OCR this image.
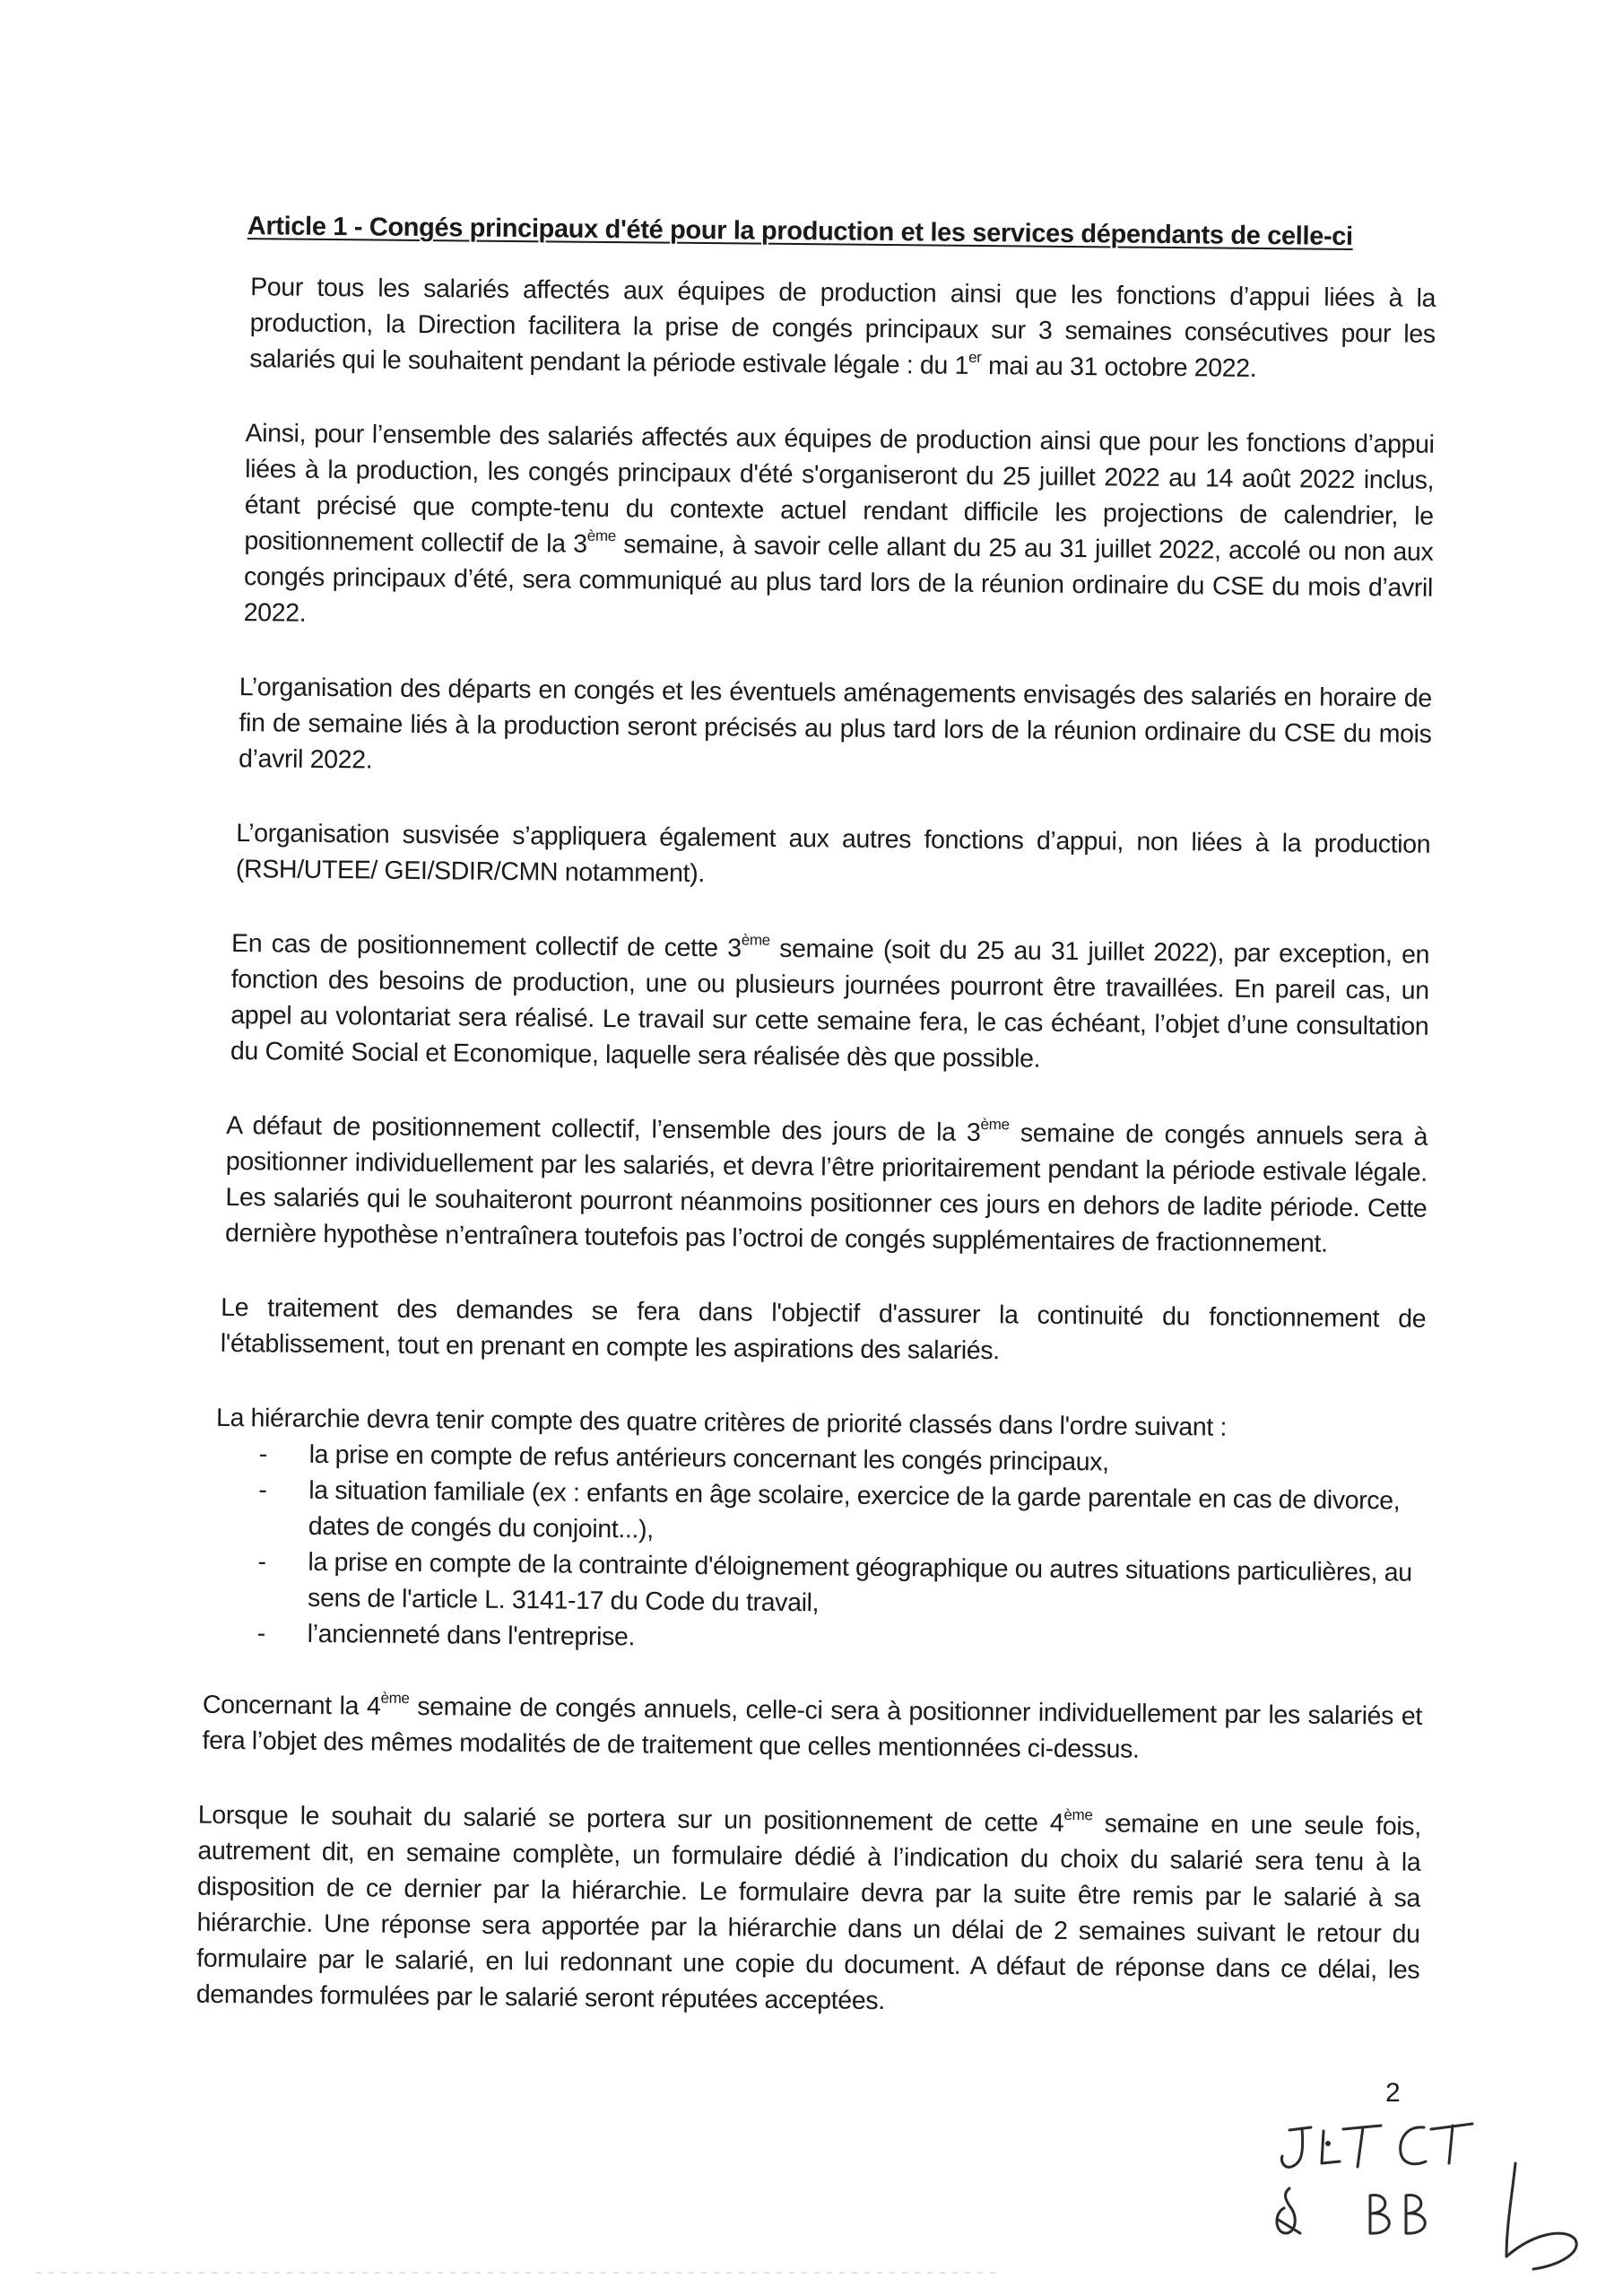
Article 1 - Congés principaux d'été pour la production et les services dépendants de celle-ci

Pour tous les salariés affectés aux équipes de production ainsi que les fonctions d’appui liées à la production, la Direction facilitera la prise de congés principaux sur 3 semaines consécutives pour les salariés qui le souhaitent pendant la période estivale légale : du 1er mai au 31 octobre 2022.

Ainsi, pour l’ensemble des salariés affectés aux équipes de production ainsi que pour les fonctions d’appui liées à la production, les congés principaux d'été s'organiseront du 25 juillet 2022 au 14 août 2022 inclus, étant précisé que compte-tenu du contexte actuel rendant difficile les projections de calendrier, le positionnement collectif de la 3ème semaine, à savoir celle allant du 25 au 31 juillet 2022, accolé ou non aux congés principaux d’été, sera communiqué au plus tard lors de la réunion ordinaire du CSE du mois d’avril 2022.

L’organisation des départs en congés et les éventuels aménagements envisagés des salariés en horaire de fin de semaine liés à la production seront précisés au plus tard lors de la réunion ordinaire du CSE du mois d’avril 2022.

L’organisation susvisée s’appliquera également aux autres fonctions d’appui, non liées à la production (RSH/UTEE/ GEI/SDIR/CMN notamment).

En cas de positionnement collectif de cette 3ème semaine (soit du 25 au 31 juillet 2022), par exception, en fonction des besoins de production, une ou plusieurs journées pourront être travaillées. En pareil cas, un appel au volontariat sera réalisé. Le travail sur cette semaine fera, le cas échéant, l’objet d’une consultation du Comité Social et Economique, laquelle sera réalisée dès que possible.

A défaut de positionnement collectif, l’ensemble des jours de la 3ème semaine de congés annuels sera à positionner individuellement par les salariés, et devra l’être prioritairement pendant la période estivale légale. Les salariés qui le souhaiteront pourront néanmoins positionner ces jours en dehors de ladite période. Cette dernière hypothèse n’entraînera toutefois pas l’octroi de congés supplémentaires de fractionnement.

Le traitement des demandes se fera dans l'objectif d'assurer la continuité du fonctionnement de l'établissement, tout en prenant en compte les aspirations des salariés.

La hiérarchie devra tenir compte des quatre critères de priorité classés dans l'ordre suivant :

- la prise en compte de refus antérieurs concernant les congés principaux,
- la situation familiale (ex : enfants en âge scolaire, exercice de la garde parentale en cas de divorce, dates de congés du conjoint...),
- la prise en compte de la contrainte d'éloignement géographique ou autres situations particulières, au sens de l'article L. 3141-17 du Code du travail,
- l’ancienneté dans l'entreprise.

Concernant la 4ème semaine de congés annuels, celle-ci sera à positionner individuellement par les salariés et fera l’objet des mêmes modalités de de traitement que celles mentionnées ci-dessus.

Lorsque le souhait du salarié se portera sur un positionnement de cette 4ème semaine en une seule fois, autrement dit, en semaine complète, un formulaire dédié à l’indication du choix du salarié sera tenu à la disposition de ce dernier par la hiérarchie. Le formulaire devra par la suite être remis par le salarié à sa hiérarchie. Une réponse sera apportée par la hiérarchie dans un délai de 2 semaines suivant le retour du formulaire par le salarié, en lui redonnant une copie du document. A défaut de réponse dans ce délai, les demandes formulées par le salarié seront réputées acceptées.

2
